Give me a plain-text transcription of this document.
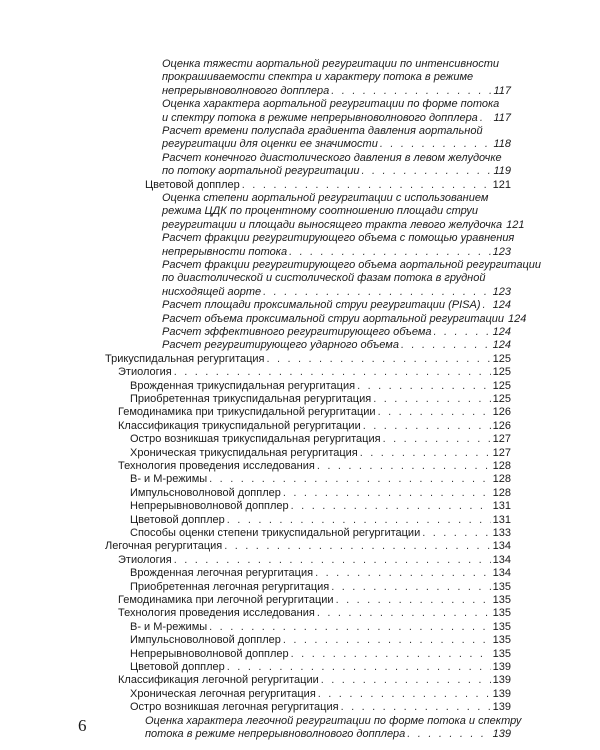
Оценка тяжести аортальной регургитации по интенсивности
прокрашиваемости спектра и характеру потока в режиме
непрерывноволнового допплера . . .	117
Оценка характера аортальной регургитации по форме потока
и спектру потока в режиме непрерывноволнового допплера . . . 117
Расчет времени полуспада градиента давления аортальной
регургитации для оценки ее значимости . . .	118
Расчет конечного диастолического давления в левом желудочке
по потоку аортальной регургитации . . .	119
Цветовой допплер . . .	121
Оценка степени аортальной регургитации с использованием
режима ЦДК по процентному соотношению площади струи
регургитации и площади выносящего тракта левого желудочка 121
Расчет фракции регургитирующего объема с помощью уравнения
непрерывности потока . . .	123
Расчет фракции регургитирующего объема аортальной регургитации
по диастолической и систолической фазам потока в грудной
нисходящей аорте . . .	123
Расчет площади проксимальной струи регургитации (PISA) . . . 124
Расчет объема проксимальной струи аортальной регургитации 124
Расчет эффективного регургитирующего объема . . .	124
Расчет регургитирующего ударного объема . . .	124
Трикуспидальная регургитация . . .	125
Этиология . . .	125
Врожденная трикуспидальная регургитация . . .	125
Приобретенная трикуспидальная регургитация . . .	125
Гемодинамика при трикуспидальной регургитации . . .	126
Классификация трикуспидальной регургитации . . .	126
Остро возникшая трикуспидальная регургитация . . .	127
Хроническая трикуспидальная регургитация . . .	127
Технология проведения исследования . . .	128
B- и M-режимы . . .	128
Импульсноволновой допплер . . .	128
Непрерывноволновой допплер . . .	131
Цветовой допплер . . .	131
Способы оценки степени трикуспидальной регургитации . . .	133
Легочная регургитация . . .	134
Этиология . . .	134
Врожденная легочная регургитация . . .	134
Приобретенная легочная регургитация . . .	135
Гемодинамика при легочной регургитации . . .	135
Технология проведения исследования . . .	135
B- и M-режимы . . .	135
Импульсноволновой допплер . . .	135
Непрерывноволновой допплер . . .	135
Цветовой допплер . . .	139
Классификация легочной регургитации . . .	139
Хроническая легочная регургитация . . .	139
Остро возникшая легочная регургитация . . .	139
Оценка характера легочной регургитации по форме потока и спектру
потока в режиме непрерывноволнового допплера . . .	139
6
